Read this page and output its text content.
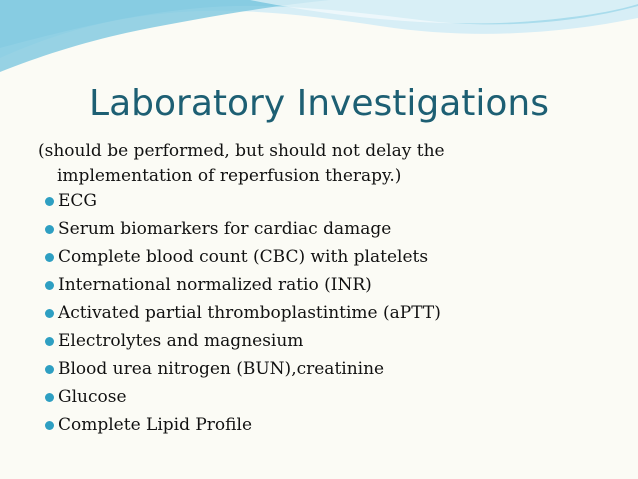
Laboratory Investigations
(should be performed, but should not delay the
implementation of reperfusion therapy.)
ECG
Serum biomarkers for cardiac damage
Complete blood count (CBC) with platelets
International normalized ratio (INR)
Activated partial thromboplastintime (aPTT)
Electrolytes and magnesium
Blood urea nitrogen (BUN),creatinine
Glucose
Complete Lipid Profile
